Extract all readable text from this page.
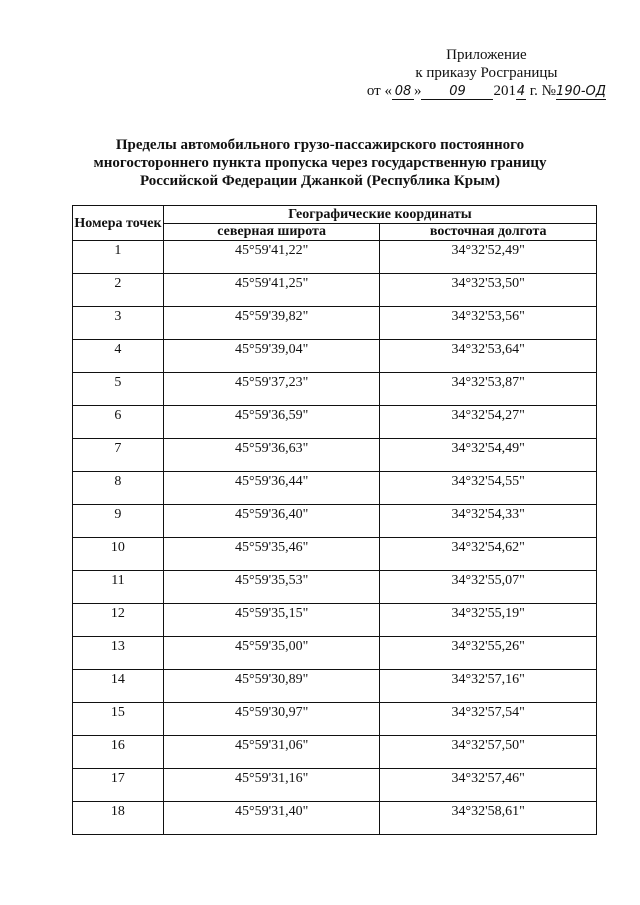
Приложение
к приказу Росграницы
от « 08 » 09 2014 г. №190-ОД
Пределы автомобильного грузо-пассажирского постоянного
многостороннего пункта пропуска через государственную границу
Российской Федерации Джанкой (Республика Крым)
Номера точек	Географические координаты	
	северная широта	восточная долгота
1	45°59'41,22"	34°32'52,49"
2	45°59'41,25"	34°32'53,50"
3	45°59'39,82"	34°32'53,56"
4	45°59'39,04"	34°32'53,64"
5	45°59'37,23"	34°32'53,87"
6	45°59'36,59"	34°32'54,27"
7	45°59'36,63"	34°32'54,49"
8	45°59'36,44"	34°32'54,55"
9	45°59'36,40"	34°32'54,33"
10	45°59'35,46"	34°32'54,62"
11	45°59'35,53"	34°32'55,07"
12	45°59'35,15"	34°32'55,19"
13	45°59'35,00"	34°32'55,26"
14	45°59'30,89"	34°32'57,16"
15	45°59'30,97"	34°32'57,54"
16	45°59'31,06"	34°32'57,50"
17	45°59'31,16"	34°32'57,46"
18	45°59'31,40"	34°32'58,61"
